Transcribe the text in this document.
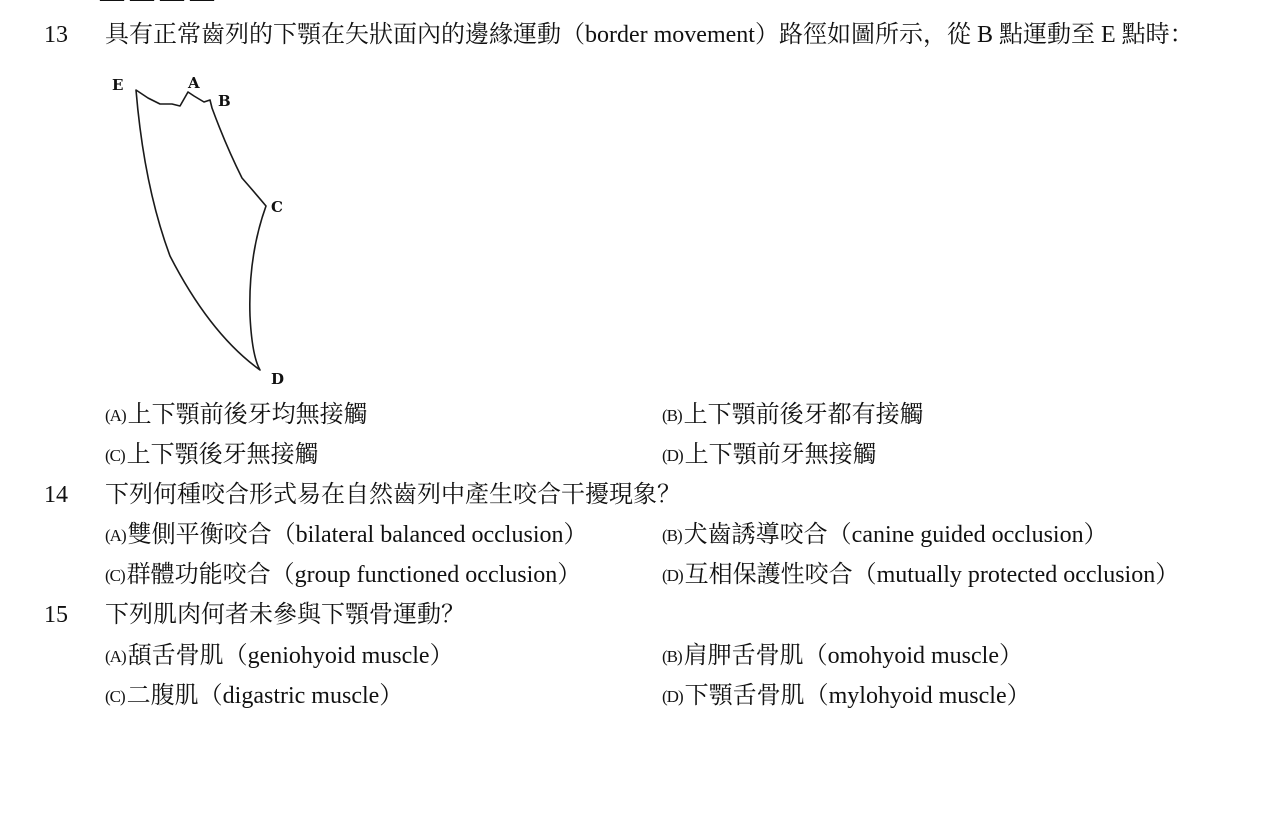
13 具有正常齒列的下顎在矢狀面內的邊緣運動（border movement）路徑如圖所示，從 B 點運動至 E 點時：
E	A
B
C
D
(A)上下顎前後牙均無接觸	(B)上下顎前後牙都有接觸
(C)上下顎後牙無接觸	(D)上下顎前牙無接觸
14 下列何種咬合形式易在自然齒列中產生咬合干擾現象？
(A)雙側平衡咬合（bilateral balanced occlusion）	(B)犬齒誘導咬合（canine guided occlusion）
(C)群體功能咬合（group functioned occlusion）	(D)互相保護性咬合（mutually protected occlusion）
15 下列肌肉何者未參與下顎骨運動？
(A)頢舌骨肌（geniohyoid muscle）	(B)肩胛舌骨肌（omohyoid muscle）
(C)二腹肌（digastric muscle）	(D)下顎舌骨肌（mylohyoid muscle）
